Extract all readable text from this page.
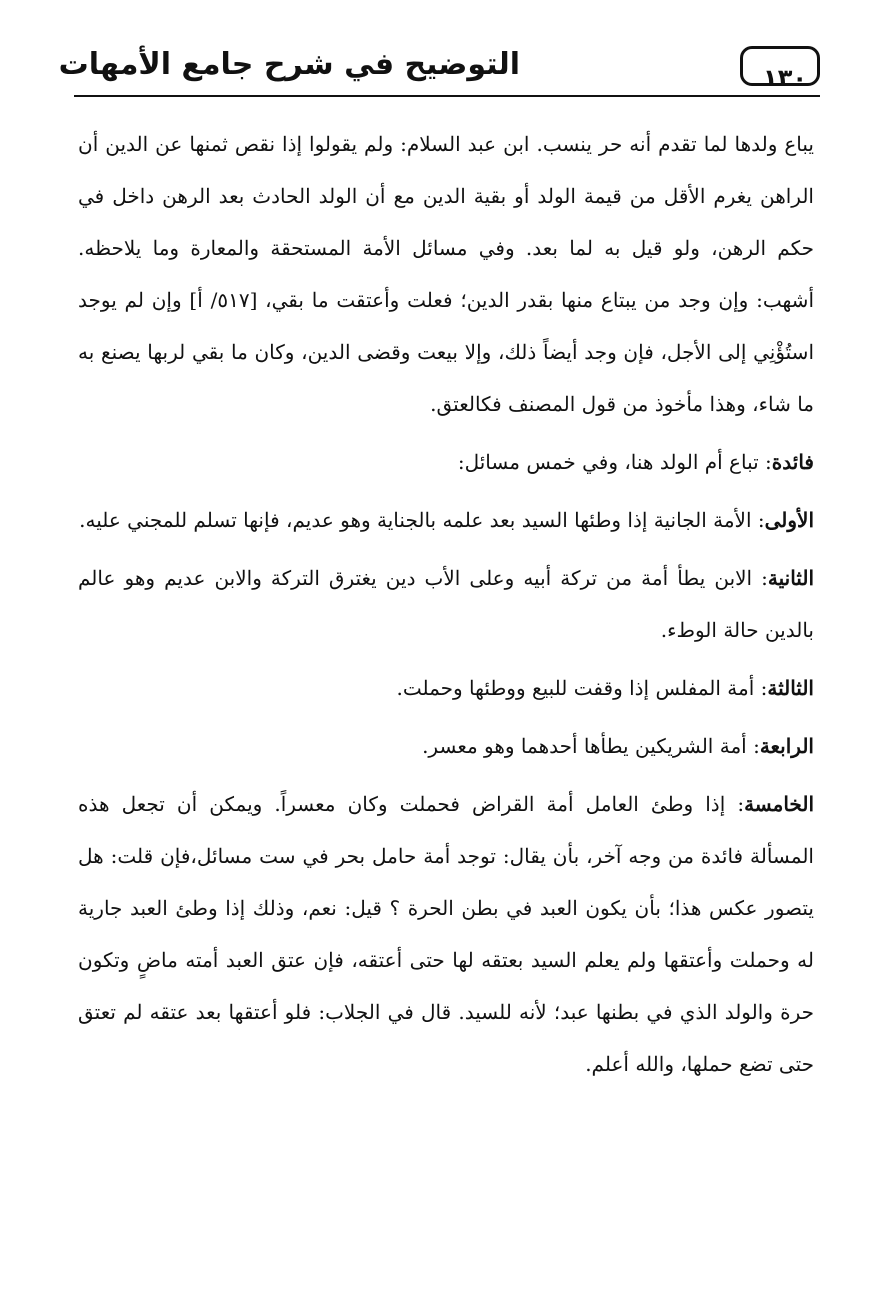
١٣٠
التوضيح في شرح جامع الأمهات

يباع ولدها لما تقدم أنه حر ينسب. ابن عبد السلام: ولم يقولوا إذا نقص ثمنها عن الدين أن الراهن يغرم الأقل من قيمة الولد أو بقية الدين مع أن الولد الحادث بعد الرهن داخل في حكم الرهن، ولو قيل به لما بعد. وفي مسائل الأمة المستحقة والمعارة وما يلاحظه. أشهب: وإن وجد من يبتاع منها بقدر الدين؛ فعلت وأعتقت ما بقي، [٥١٧/ أ] وإن لم يوجد استُؤْنِي إلى الأجل، فإن وجد أيضاً ذلك، وإلا بيعت وقضى الدين، وكان ما بقي لربها يصنع به ما شاء، وهذا مأخوذ من قول المصنف فكالعتق.

فائدة: تباع أم الولد هنا، وفي خمس مسائل:

الأولى: الأمة الجانية إذا وطئها السيد بعد علمه بالجناية وهو عديم، فإنها تسلم للمجني عليه.

الثانية: الابن يطأ أمة من تركة أبيه وعلى الأب دين يغترق التركة والابن عديم وهو عالم بالدين حالة الوطء.

الثالثة: أمة المفلس إذا وقفت للبيع ووطئها وحملت.

الرابعة: أمة الشريكين يطأها أحدهما وهو معسر.

الخامسة: إذا وطئ العامل أمة القراض فحملت وكان معسراً. ويمكن أن تجعل هذه المسألة فائدة من وجه آخر، بأن يقال: توجد أمة حامل بحر في ست مسائل،فإن قلت: هل يتصور عكس هذا؛ بأن يكون العبد في بطن الحرة ؟ قيل: نعم، وذلك إذا وطئ العبد جارية له وحملت وأعتقها ولم يعلم السيد بعتقه لها حتى أعتقه، فإن عتق العبد أمته ماضٍ وتكون حرة والولد الذي في بطنها عبد؛ لأنه للسيد. قال في الجلاب: فلو أعتقها بعد عتقه لم تعتق حتى تضع حملها، والله أعلم.
